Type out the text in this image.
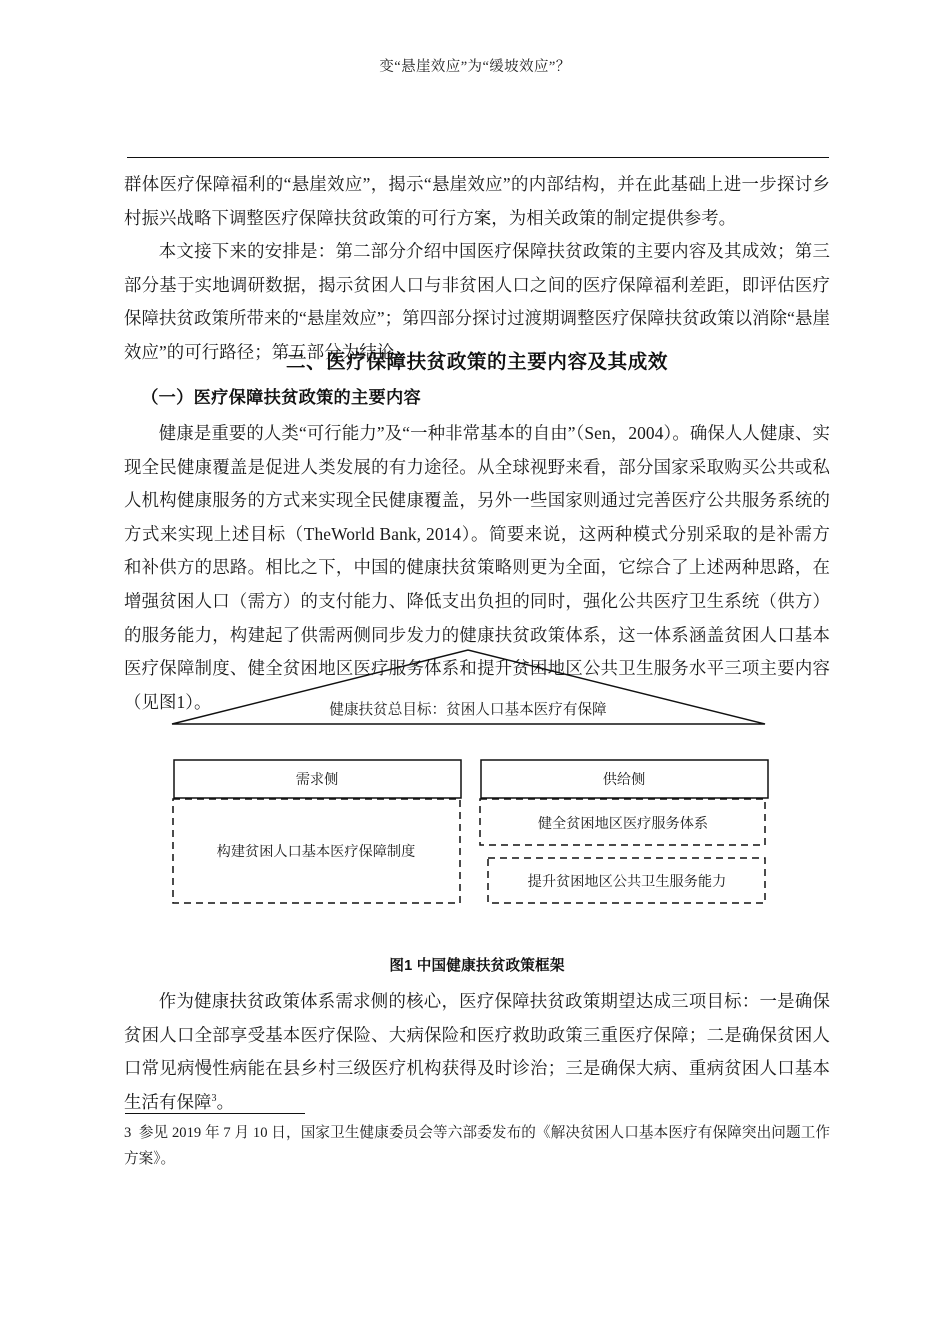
变“悬崖效应”为“缓坡效应”？

群体医疗保障福利的“悬崖效应”，揭示“悬崖效应”的内部结构，并在此基础上进一步探讨乡村振兴战略下调整医疗保障扶贫政策的可行方案，为相关政策的制定提供参考。

本文接下来的安排是：第二部分介绍中国医疗保障扶贫政策的主要内容及其成效；第三部分基于实地调研数据，揭示贫困人口与非贫困人口之间的医疗保障福利差距，即评估医疗保障扶贫政策所带来的“悬崖效应”；第四部分探讨过渡期调整医疗保障扶贫政策以消除“悬崖效应”的可行路径；第五部分为结论。

二、医疗保障扶贫政策的主要内容及其成效

（一）医疗保障扶贫政策的主要内容

健康是重要的人类“可行能力”及“一种非常基本的自由”（Sen，2004）。确保人人健康、实现全民健康覆盖是促进人类发展的有力途径。从全球视野来看，部分国家采取购买公共或私人机构健康服务的方式来实现全民健康覆盖，另外一些国家则通过完善医疗公共服务系统的方式来实现上述目标（TheWorld Bank, 2014）。简要来说，这两种模式分别采取的是补需方和补供方的思路。相比之下，中国的健康扶贫策略则更为全面，它综合了上述两种思路，在增强贫困人口（需方）的支付能力、降低支出负担的同时，强化公共医疗卫生系统（供方）的服务能力，构建起了供需两侧同步发力的健康扶贫政策体系，这一体系涵盖贫困人口基本医疗保障制度、健全贫困地区医疗服务体系和提升贫困地区公共卫生服务水平三项主要内容（见图1）。	健康扶贫总目标：贫困人口基本医疗有保障
需求侧
构建贫困人口基本医疗保障制度
供给侧
健全贫困地区医疗服务体系
提升贫困地区公共卫生服务能力
图1 中国健康扶贫政策框架

作为健康扶贫政策体系需求侧的核心，医疗保障扶贫政策期望达成三项目标：一是确保贫困人口全部享受基本医疗保险、大病保险和医疗救助政策三重医疗保障；二是确保贫困人口常见病慢性病能在县乡村三级医疗机构获得及时诊治；三是确保大病、重病贫困人口基本生活有保障$^3$。

3 参见 2019 年 7 月 10 日，国家卫生健康委员会等六部委发布的《解决贫困人口基本医疗有保障突出问题工作方案》。
